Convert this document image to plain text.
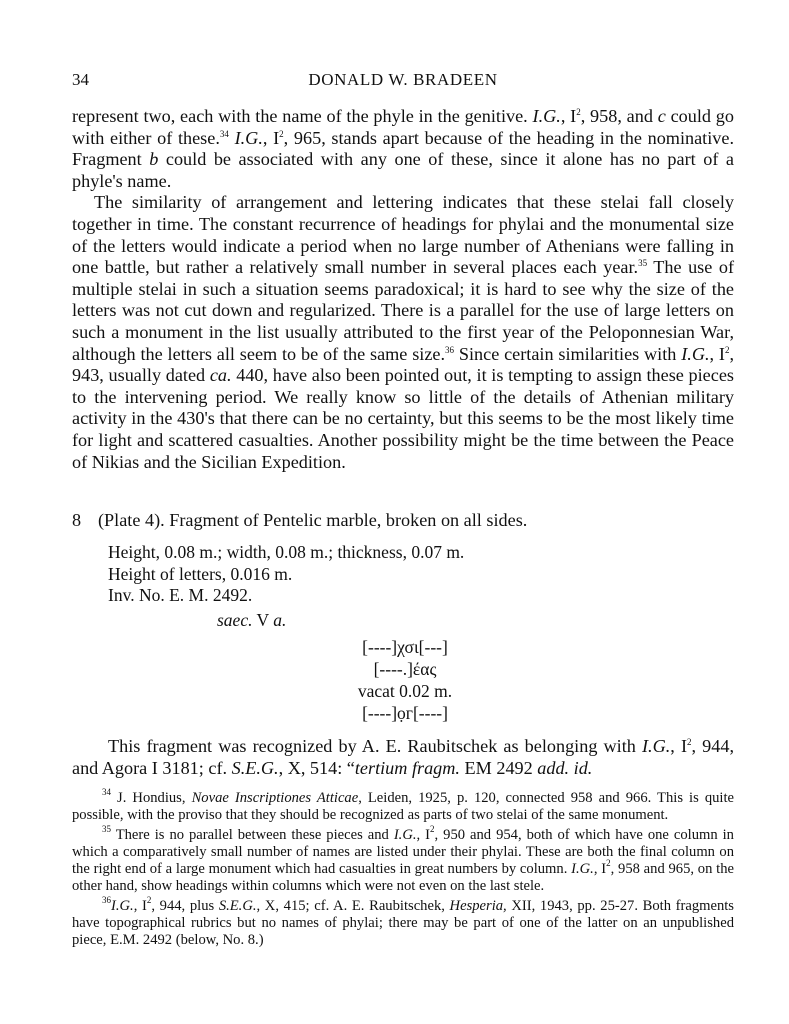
34	DONALD W. BRADEEN

represent two, each with the name of the phyle in the genitive. I.G., $I^2$, 958, and c could go with either of these.$^{34}$ I.G., $I^2$, 965, stands apart because of the heading in the nominative. Fragment b could be associated with any one of these, since it alone has no part of a phyle's name.

The similarity of arrangement and lettering indicates that these stelai fall closely together in time. The constant recurrence of headings for phylai and the monumental size of the letters would indicate a period when no large number of Athenians were falling in one battle, but rather a relatively small number in several places each year.$^{35}$ The use of multiple stelai in such a situation seems paradoxical; it is hard to see why the size of the letters was not cut down and regularized. There is a parallel for the use of large letters on such a monument in the list usually attributed to the first year of the Peloponnesian War, although the letters all seem to be of the same size.$^{36}$ Since certain similarities with I.G., $I^2$, 943, usually dated ca. 440, have also been pointed out, it is tempting to assign these pieces to the intervening period. We really know so little of the details of Athenian military activity in the 430's that there can be no certainty, but this seems to be the most likely time for light and scattered casualties. Another possibility might be the time between the Peace of Nikias and the Sicilian Expedition.

8 (Plate 4). Fragment of Pentelic marble, broken on all sides.
Height, 0.08 m.; width, 0.08 m.; thickness, 0.07 m.
Height of letters, 0.016 m.
Inv. No. E. M. 2492.
saec. V a.
[----]χσι[---]
[----.]έας
vacat 0.02 m.
[----]ọᴦ[----]
This fragment was recognized by A. E. Raubitschek as belonging with I.G., $I^2$, 944, and Agora I 3181; cf. S.E.G., X, 514: “tertium fragm. EM 2492 add. id.

$^{34}$ J. Hondius, Novae Inscriptiones Atticae, Leiden, 1925, p. 120, connected 958 and 966. This is quite possible, with the proviso that they should be recognized as parts of two stelai of the same monument.

$^{35}$ There is no parallel between these pieces and I.G., $I^2$, 950 and 954, both of which have one column in which a comparatively small number of names are listed under their phylai. These are both the final column on the right end of a large monument which had casualties in great numbers by column. I.G., $I^2$, 958 and 965, on the other hand, show headings within columns which were not even on the last stele.

$^{36}$I.G., $I^2$, 944, plus S.E.G., X, 415; cf. A. E. Raubitschek, Hesperia, XII, 1943, pp. 25-27. Both fragments have topographical rubrics but no names of phylai; there may be part of one of the latter on an unpublished piece, E.M. 2492 (below, No. 8.)
